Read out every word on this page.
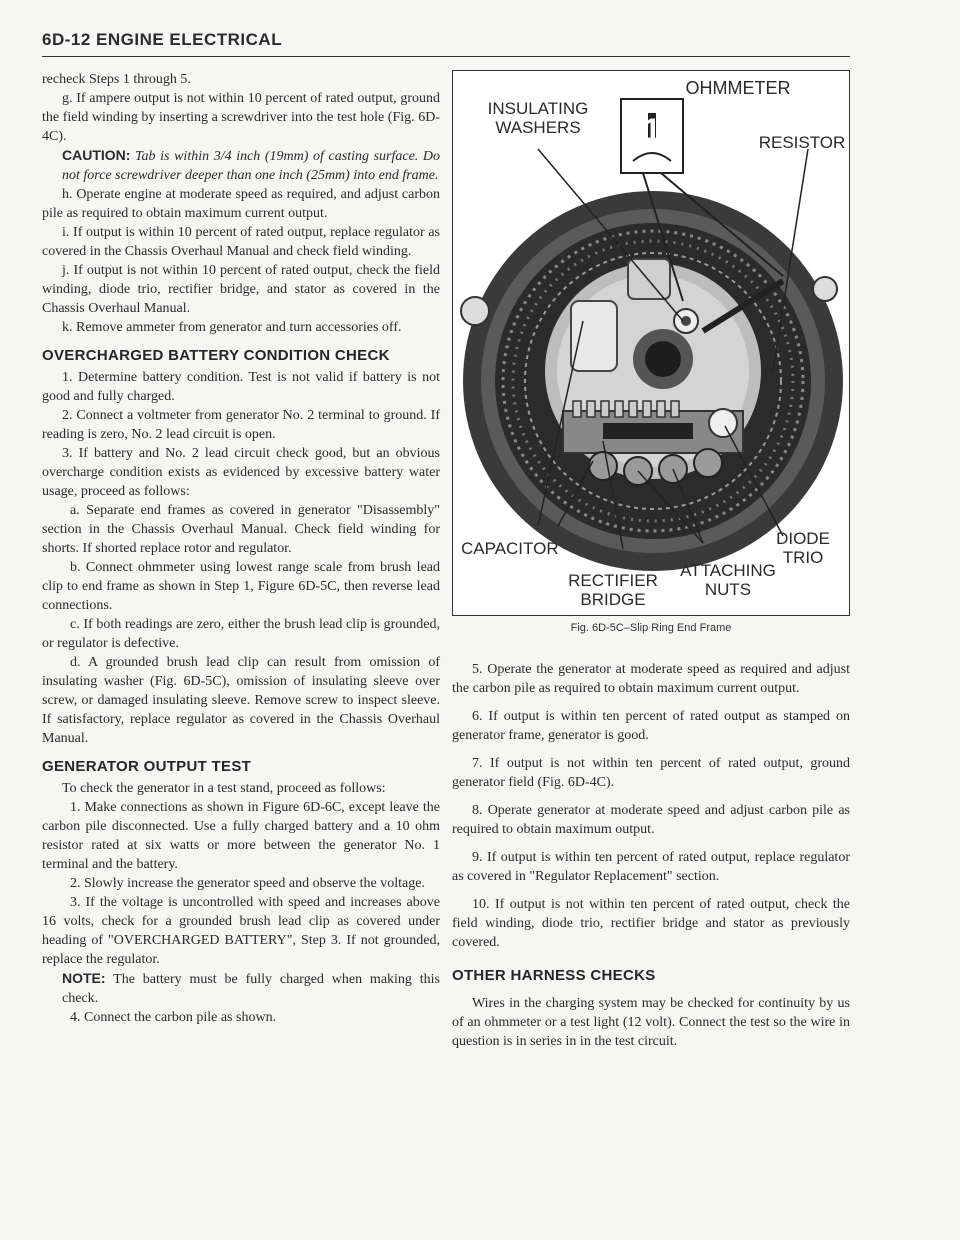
6D-12 ENGINE ELECTRICAL

recheck Steps 1 through 5.

g. If ampere output is not within 10 percent of rated output, ground the field winding by inserting a screwdriver into the test hole (Fig. 6D-4C).

CAUTION: Tab is within 3/4 inch (19mm) of casting surface. Do not force screwdriver deeper than one inch (25mm) into end frame.

h. Operate engine at moderate speed as required, and adjust carbon pile as required to obtain maximum current output.

i. If output is within 10 percent of rated output, replace regulator as covered in the Chassis Overhaul Manual and check field winding.

j. If output is not within 10 percent of rated output, check the field winding, diode trio, rectifier bridge, and stator as covered in the Chassis Overhaul Manual.

k. Remove ammeter from generator and turn accessories off.

OVERCHARGED BATTERY CONDITION CHECK

1. Determine battery condition. Test is not valid if battery is not good and fully charged.

2. Connect a voltmeter from generator No. 2 terminal to ground. If reading is zero, No. 2 lead circuit is open.

3. If battery and No. 2 lead circuit check good, but an obvious overcharge condition exists as evidenced by excessive battery water usage, proceed as follows:

a. Separate end frames as covered in generator "Disassembly" section in the Chassis Overhaul Manual. Check field winding for shorts. If shorted replace rotor and regulator.

b. Connect ohmmeter using lowest range scale from brush lead clip to end frame as shown in Step 1, Figure 6D-5C, then reverse lead connections.

c. If both readings are zero, either the brush lead clip is grounded, or regulator is defective.

d. A grounded brush lead clip can result from omission of insulating washer (Fig. 6D-5C), omission of insulating sleeve over screw, or damaged insulating sleeve. Remove screw to inspect sleeve. If satisfactory, replace regulator as covered in the Chassis Overhaul Manual.

GENERATOR OUTPUT TEST

To check the generator in a test stand, proceed as follows:

1. Make connections as shown in Figure 6D-6C, except leave the carbon pile disconnected. Use a fully charged battery and a 10 ohm resistor rated at six watts or more between the generator No. 1 terminal and the battery.

2. Slowly increase the generator speed and observe the voltage.

3. If the voltage is uncontrolled with speed and increases above 16 volts, check for a grounded brush lead clip as covered under heading of "OVERCHARGED BATTERY", Step 3. If not grounded, replace the regulator.

NOTE: The battery must be fully charged when making this check.

4. Connect the carbon pile as shown.

OHMMETER
1
INSULATING
WASHERS
RESISTOR
CAPACITOR
DIODE
TRIO
ATTACHING
NUTS
RECTIFIER
BRIDGE
Fig. 6D-5C–Slip Ring End Frame

5. Operate the generator at moderate speed as required and adjust the carbon pile as required to obtain maximum current output.

6. If output is within ten percent of rated output as stamped on generator frame, generator is good.

7. If output is not within ten percent of rated output, ground generator field (Fig. 6D-4C).

8. Operate generator at moderate speed and adjust carbon pile as required to obtain maximum output.

9. If output is within ten percent of rated output, replace regulator as covered in "Regulator Replacement" section.

10. If output is not within ten percent of rated output, check the field winding, diode trio, rectifier bridge and stator as previously covered.

OTHER HARNESS CHECKS

Wires in the charging system may be checked for continuity by us of an ohmmeter or a test light (12 volt). Connect the test so the wire in question is in series in in the test circuit.
